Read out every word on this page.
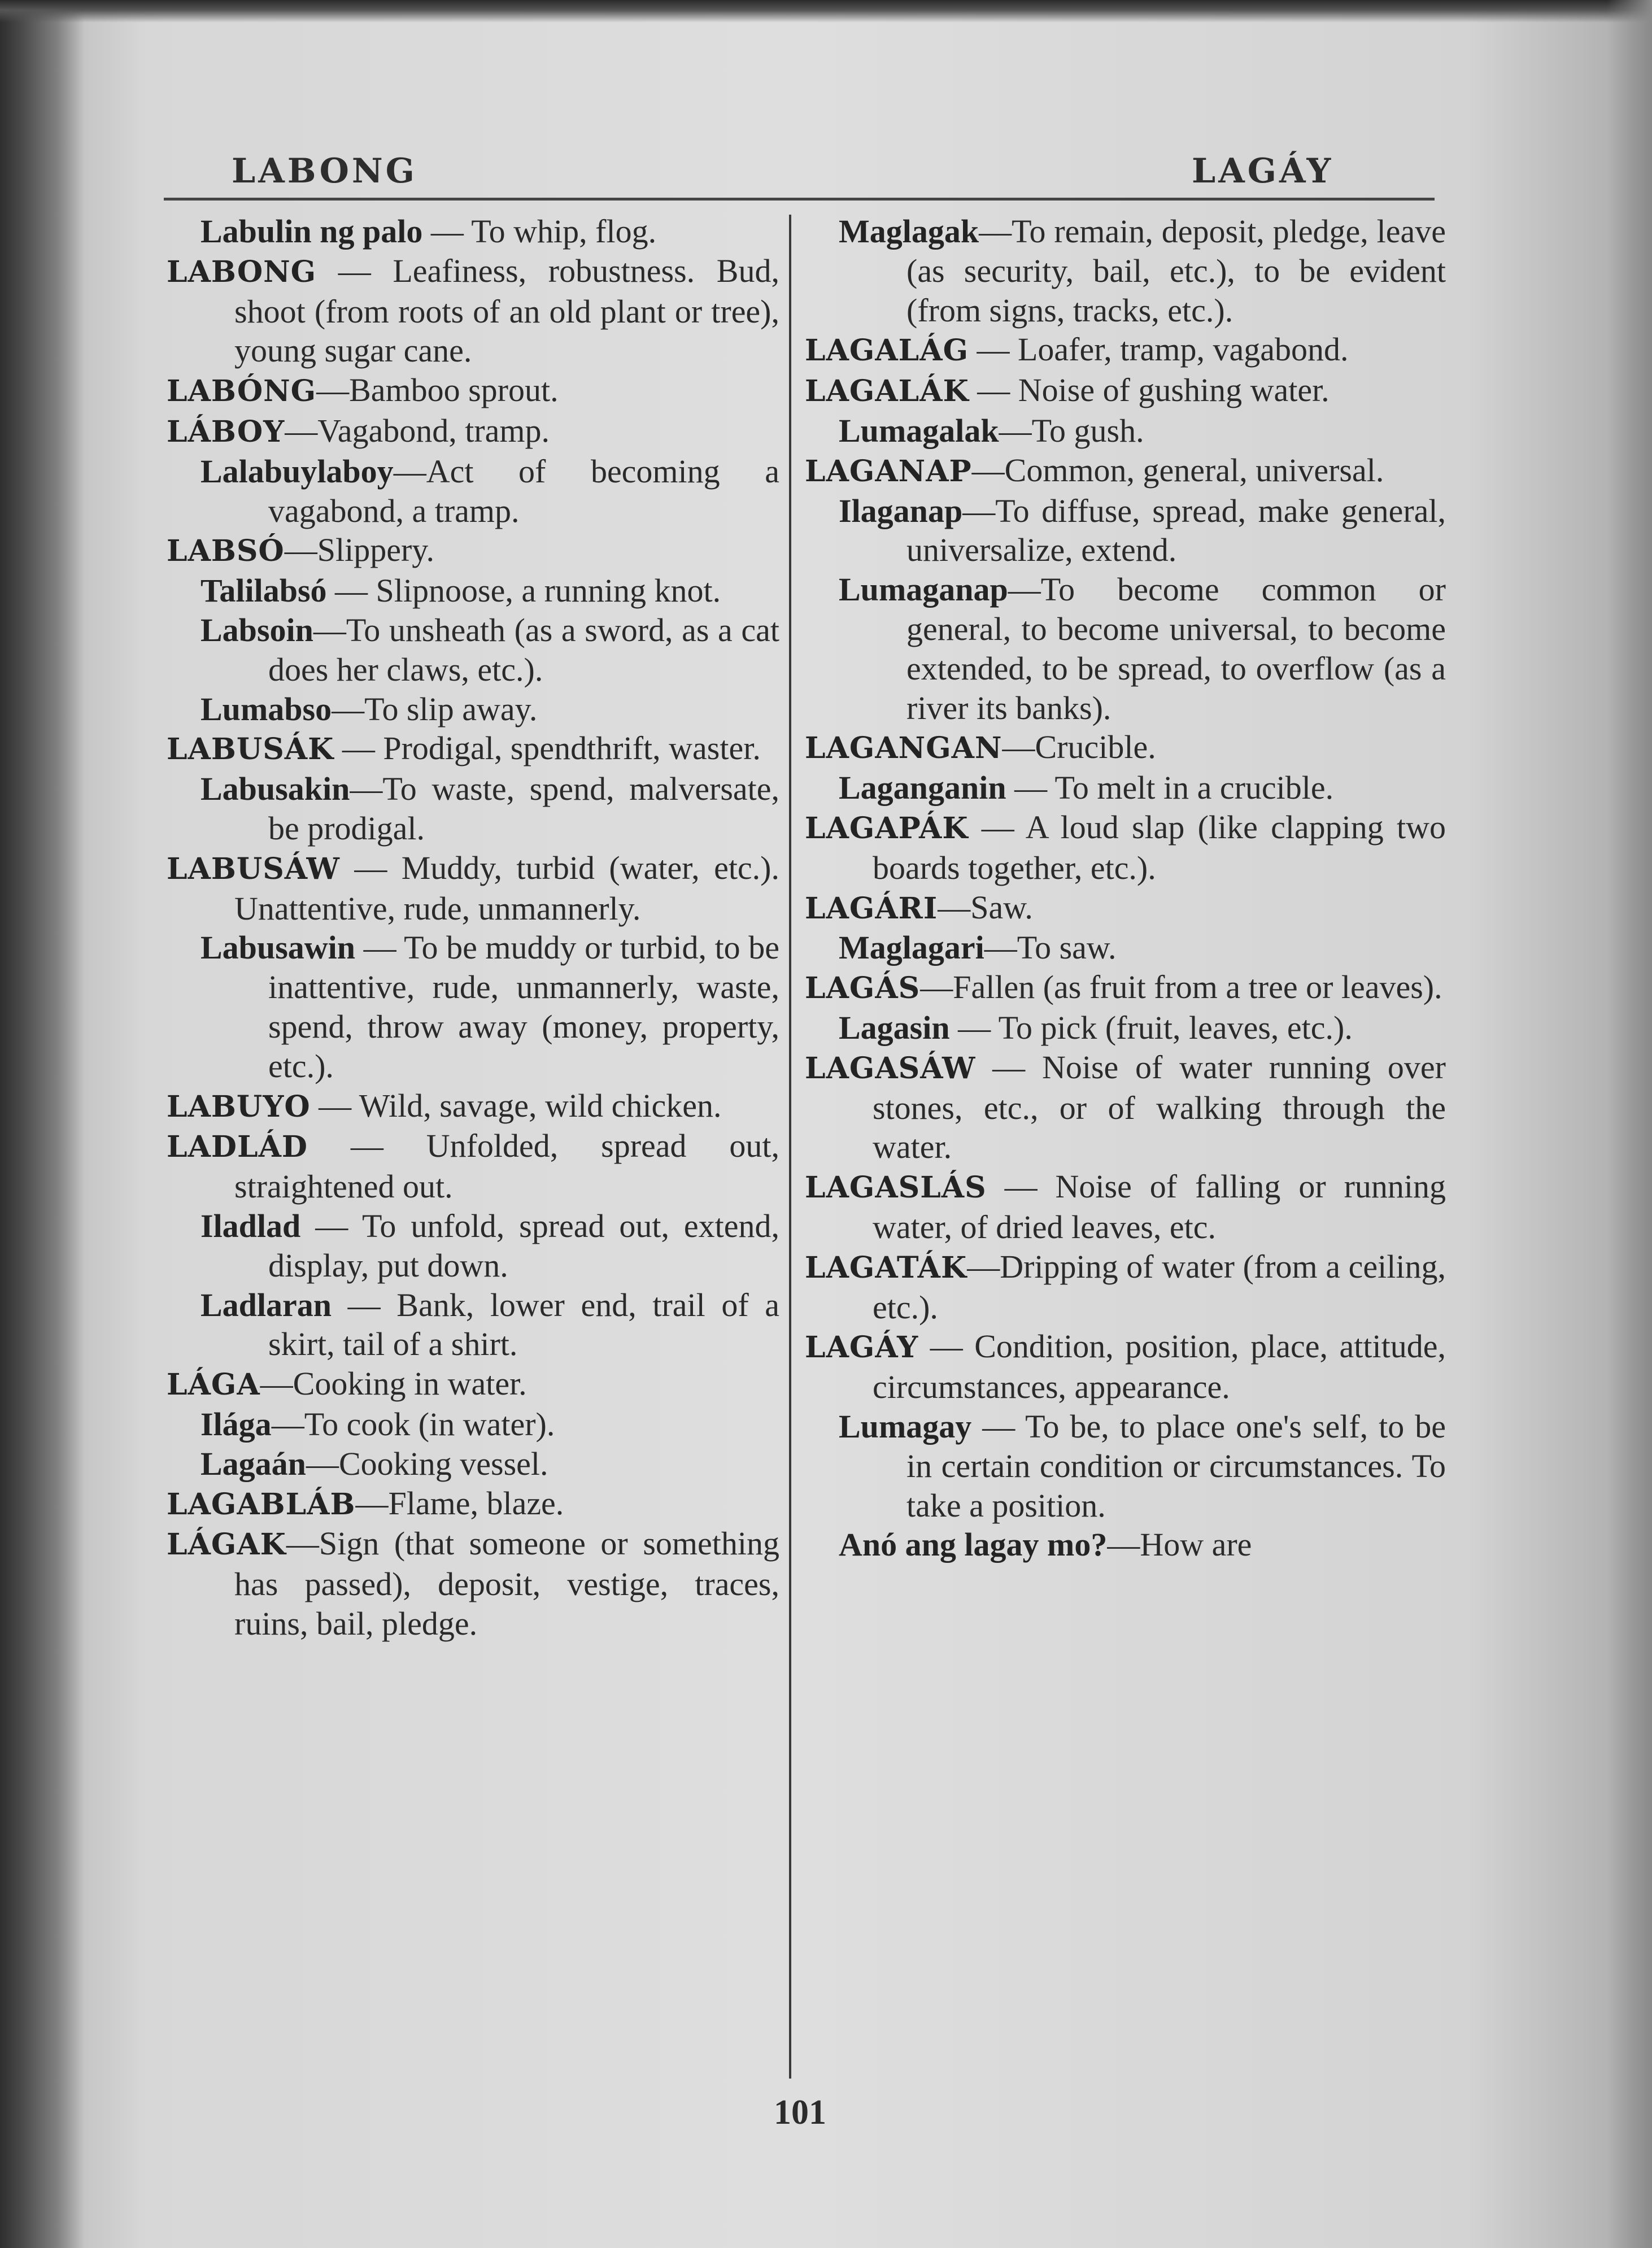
LABONG	LAGÁY

Labulin ng palo — To whip, flog.

LABONG — Leafiness, robustness. Bud, shoot (from roots of an old plant or tree), young sugar cane.

LABÓNG—Bamboo sprout.

LÁBOY—Vagabond, tramp.

Lalabuylaboy—Act of becoming a vagabond, a tramp.

LABSÓ—Slippery.

Talilabsó — Slipnoose, a running knot.

Labsoin—To unsheath (as a sword, as a cat does her claws, etc.).

Lumabso—To slip away.

LABUSÁK — Prodigal, spendthrift, waster.

Labusakin—To waste, spend, malversate, be prodigal.

LABUSÁW — Muddy, turbid (water, etc.). Unattentive, rude, unmannerly.

Labusawin — To be muddy or turbid, to be inattentive, rude, unmannerly, waste, spend, throw away (money, property, etc.).

LABUYO — Wild, savage, wild chicken.

LADLÁD — Unfolded, spread out, straightened out.

Iladlad — To unfold, spread out, extend, display, put down.

Ladlaran — Bank, lower end, trail of a skirt, tail of a shirt.

LÁGA—Cooking in water.

Ilága—To cook (in water).

Lagaán—Cooking vessel.

LAGABLÁB—Flame, blaze.

LÁGAK—Sign (that someone or something has passed), deposit, vestige, traces, ruins, bail, pledge.

Maglagak—To remain, deposit, pledge, leave (as security, bail, etc.), to be evident (from signs, tracks, etc.).

LAGALÁG — Loafer, tramp, vagabond.

LAGALÁK — Noise of gushing water.

Lumagalak—To gush.

LAGANAP—Common, general, universal.

Ilaganap—To diffuse, spread, make general, universalize, extend.

Lumaganap—To become common or general, to become universal, to become extended, to be spread, to overflow (as a river its banks).

LAGANGAN—Crucible.

Laganganin — To melt in a crucible.

LAGAPÁK — A loud slap (like clapping two boards together, etc.).

LAGÁRI—Saw.

Maglagari—To saw.

LAGÁS—Fallen (as fruit from a tree or leaves).

Lagasin — To pick (fruit, leaves, etc.).

LAGASÁW — Noise of water running over stones, etc., or of walking through the water.

LAGASLÁS — Noise of falling or running water, of dried leaves, etc.

LAGATÁK—Dripping of water (from a ceiling, etc.).

LAGÁY — Condition, position, place, attitude, circumstances, appearance.

Lumagay — To be, to place one's self, to be in certain condition or circumstances. To take a position.

Anó ang lagay mo?—How are

101
